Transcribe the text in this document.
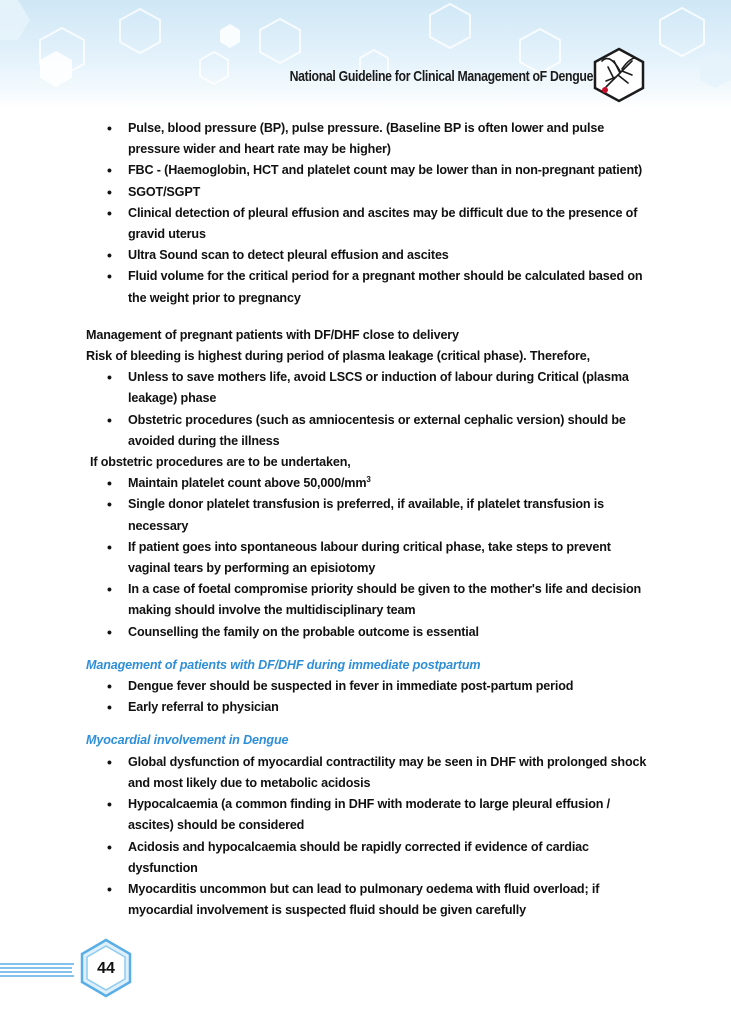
National Guideline for Clinical Management oF Dengue
• Pulse, blood pressure (BP), pulse pressure. (Baseline BP is often lower and pulse pressure wider and heart rate may be higher)
• FBC - (Haemoglobin, HCT and platelet count may be lower than in non-pregnant patient)
• SGOT/SGPT
• Clinical detection of pleural effusion and ascites may be difficult due to the presence of gravid uterus
• Ultra Sound scan to detect pleural effusion and ascites
• Fluid volume for the critical period for a pregnant mother should be calculated based on the weight prior to pregnancy

Management of pregnant patients with DF/DHF close to delivery

Risk of bleeding is highest during period of plasma leakage (critical phase). Therefore,

• Unless to save mothers life, avoid LSCS or induction of labour during Critical (plasma leakage) phase
• Obstetric procedures (such as amniocentesis or external cephalic version) should be avoided during the illness

If obstetric procedures are to be undertaken,

• Maintain platelet count above $50,000/mm^3$
• Single donor platelet transfusion is preferred, if available, if platelet transfusion is necessary
• If patient goes into spontaneous labour during critical phase, take steps to prevent vaginal tears by performing an episiotomy
• In a case of foetal compromise priority should be given to the mother's life and decision making should involve the multidisciplinary team
• Counselling the family on the probable outcome is essential

Management of patients with DF/DHF during immediate postpartum

• Dengue fever should be suspected in fever in immediate post-partum period
• Early referral to physician

Myocardial involvement in Dengue

• Global dysfunction of myocardial contractility may be seen in DHF with prolonged shock and most likely due to metabolic acidosis
• Hypocalcaemia (a common finding in DHF with moderate to large pleural effusion / ascites) should be considered
• Acidosis and hypocalcaemia should be rapidly corrected if evidence of cardiac dysfunction
• Myocarditis uncommon but can lead to pulmonary oedema with fluid overload; if myocardial involvement is suspected fluid should be given carefully
44
